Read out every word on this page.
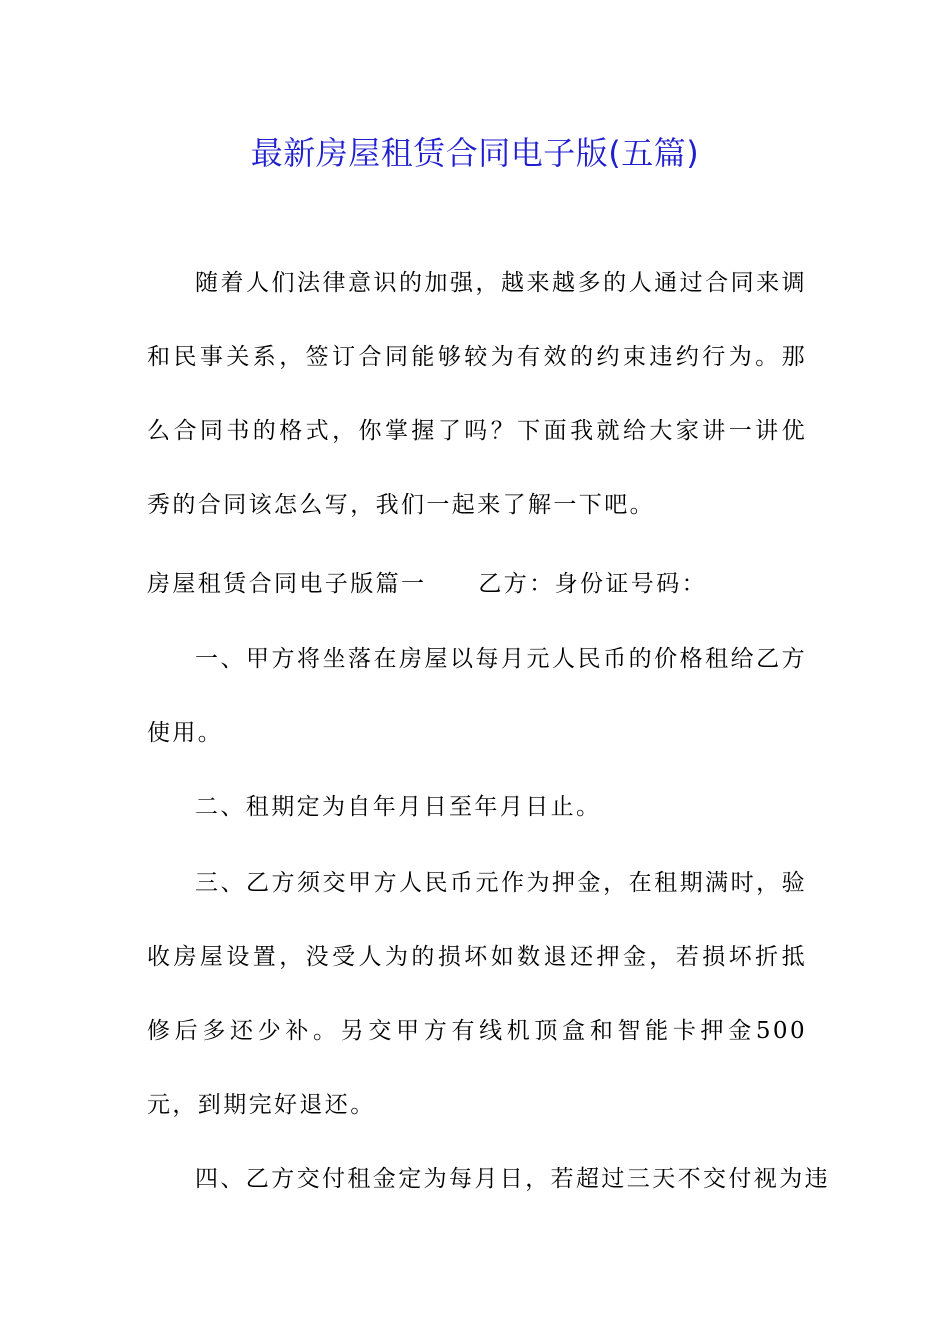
最新房屋租赁合同电子版(五篇)

随着人们法律意识的加强，越来越多的人通过合同来调和民事关系，签订合同能够较为有效的约束违约行为。那么合同书的格式，你掌握了吗？下面我就给大家讲一讲优秀的合同该怎么写，我们一起来了解一下吧。

房屋租赁合同电子版篇一 乙方：身份证号码：

一、甲方将坐落在房屋以每月元人民币的价格租给乙方使用。

二、租期定为自年月日至年月日止。

三、乙方须交甲方人民币元作为押金，在租期满时，验收房屋设置，没受人为的损坏如数退还押金，若损坏折抵修后多还少补。另交甲方有线机顶盒和智能卡押金500元，到期完好退还。

四、乙方交付租金定为每月日，若超过三天不交付视为违
